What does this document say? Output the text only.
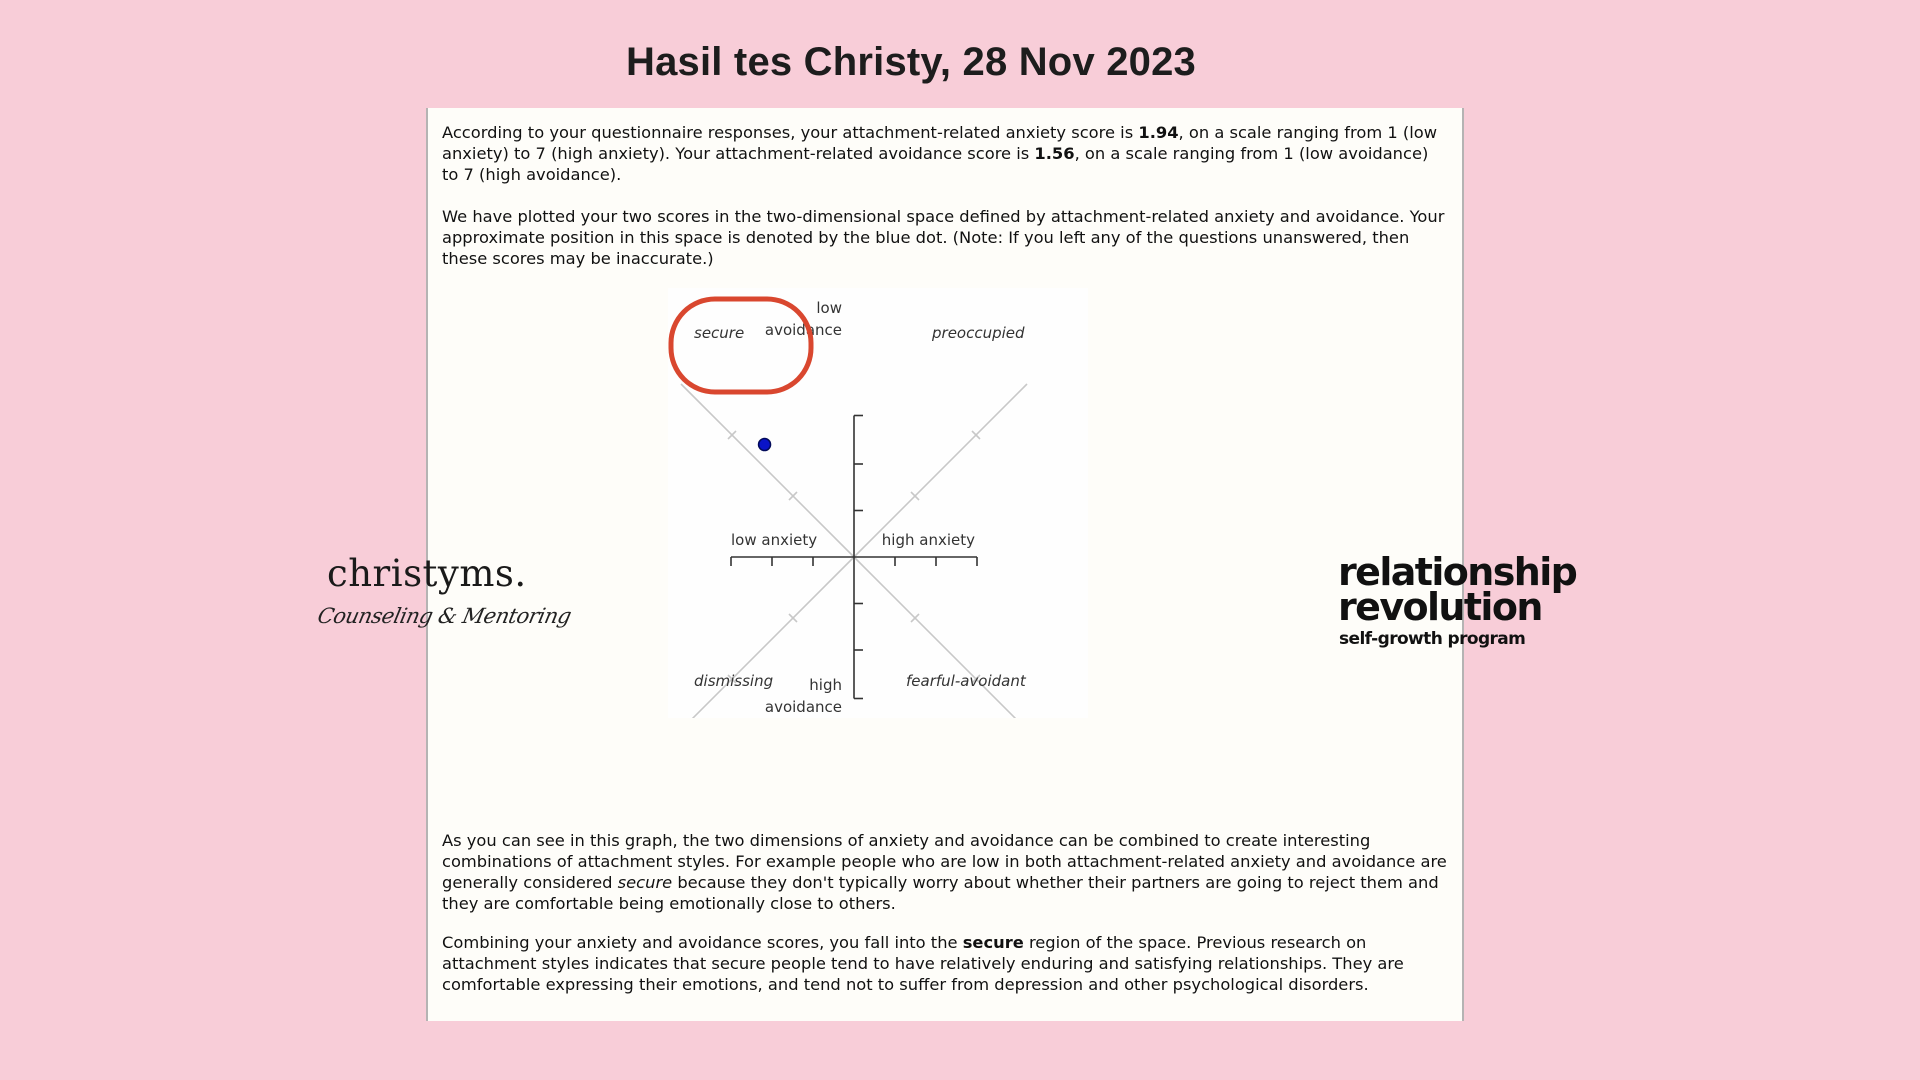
Hasil tes Christy, 28 Nov 2023

According to your questionnaire responses, your attachment-related anxiety score is 1.94, on a scale ranging from 1 (low anxiety) to 7 (high anxiety). Your attachment-related avoidance score is 1.56, on a scale ranging from 1 (low avoidance) to 7 (high avoidance).

We have plotted your two scores in the two-dimensional space defined by attachment-related anxiety and avoidance. Your approximate position in this space is denoted by the blue dot. (Note: If you left any of the questions unanswered, then these scores may be inaccurate.)

low anxiety	high anxiety
low
avoidance
high
avoidance
secure	preoccupied
dismissing	fearful-avoidant

As you can see in this graph, the two dimensions of anxiety and avoidance can be combined to create interesting combinations of attachment styles. For example people who are low in both attachment-related anxiety and avoidance are generally considered secure because they don't typically worry about whether their partners are going to reject them and they are comfortable being emotionally close to others.

Combining your anxiety and avoidance scores, you fall into the secure region of the space. Previous research on attachment styles indicates that secure people tend to have relatively enduring and satisfying relationships. They are comfortable expressing their emotions, and tend not to suffer from depression and other psychological disorders.

christyms.
Counseling & Mentoring
relationship
revolution
self-growth program
